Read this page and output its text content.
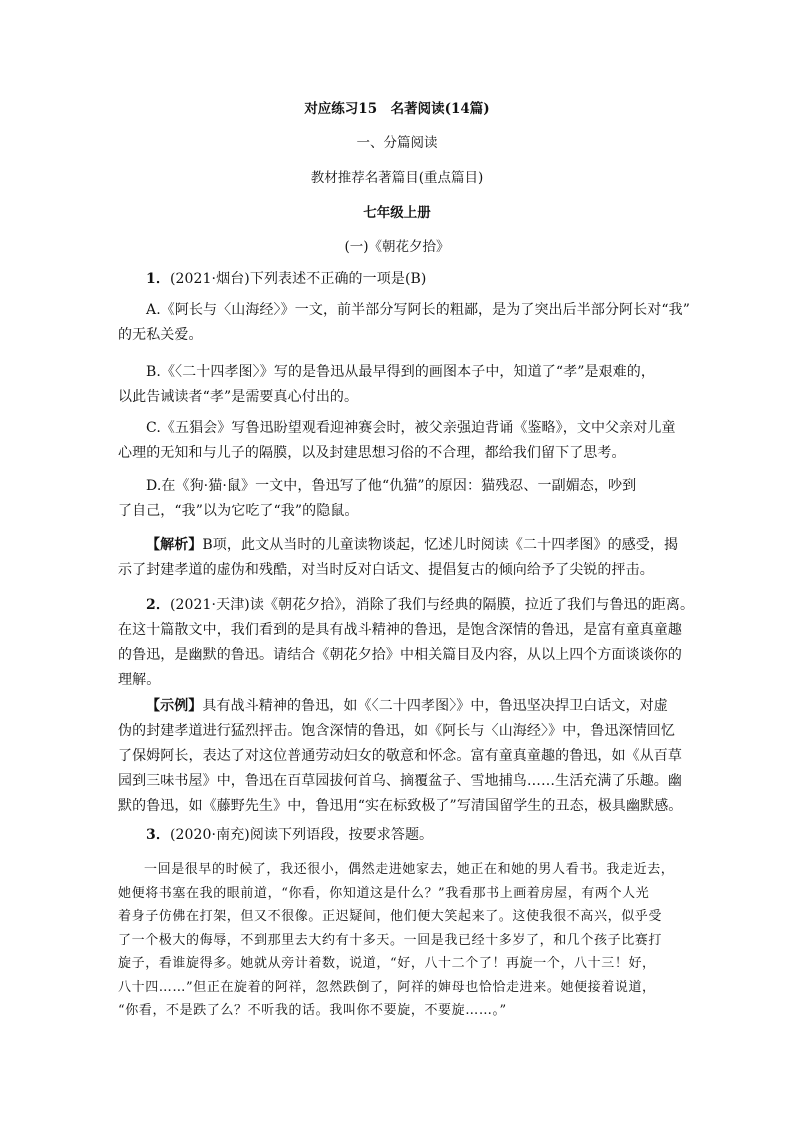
对应练习15　名著阅读(14篇)
一、分篇阅读
教材推荐名著篇目(重点篇目)
七年级上册
(一)《朝花夕拾》
1．(2021·烟台)下列表述不正确的一项是(B)
A.《阿长与〈山海经〉》一文，前半部分写阿长的粗鄙，是为了突出后半部分阿长对“我”
的无私关爱。
B.《〈二十四孝图〉》写的是鲁迅从最早得到的画图本子中，知道了“孝”是艰难的，
以此告诫读者“孝”是需要真心付出的。
C.《五猖会》写鲁迅盼望观看迎神赛会时，被父亲强迫背诵《鉴略》，文中父亲对儿童
心理的无知和与儿子的隔膜，以及封建思想习俗的不合理，都给我们留下了思考。
D.在《狗·猫·鼠》一文中，鲁迅写了他“仇猫”的原因：猫残忍、一副媚态，吵到
了自己，“我”以为它吃了“我”的隐鼠。
【解析】B项，此文从当时的儿童读物谈起，忆述儿时阅读《二十四孝图》的感受，揭
示了封建孝道的虚伪和残酷，对当时反对白话文、提倡复古的倾向给予了尖锐的抨击。
2．(2021·天津)读《朝花夕拾》，消除了我们与经典的隔膜，拉近了我们与鲁迅的距离。
在这十篇散文中，我们看到的是具有战斗精神的鲁迅，是饱含深情的鲁迅，是富有童真童趣
的鲁迅，是幽默的鲁迅。请结合《朝花夕拾》中相关篇目及内容，从以上四个方面谈谈你的
理解。
【示例】具有战斗精神的鲁迅，如《〈二十四孝图〉》中，鲁迅坚决捍卫白话文，对虚
伪的封建孝道进行猛烈抨击。饱含深情的鲁迅，如《阿长与〈山海经〉》中，鲁迅深情回忆
了保姆阿长，表达了对这位普通劳动妇女的敬意和怀念。富有童真童趣的鲁迅，如《从百草
园到三味书屋》中，鲁迅在百草园拔何首乌、摘覆盆子、雪地捕鸟……生活充满了乐趣。幽
默的鲁迅，如《藤野先生》中，鲁迅用“实在标致极了”写清国留学生的丑态，极具幽默感。
3．(2020·南充)阅读下列语段，按要求答题。
一回是很早的时候了，我还很小，偶然走进她家去，她正在和她的男人看书。我走近去，
她便将书塞在我的眼前道，“你看，你知道这是什么？”我看那书上画着房屋，有两个人光
着身子仿佛在打架，但又不很像。正迟疑间，他们便大笑起来了。这使我很不高兴，似乎受
了一个极大的侮辱，不到那里去大约有十多天。一回是我已经十多岁了，和几个孩子比赛打
旋子，看谁旋得多。她就从旁计着数，说道，“好，八十二个了！再旋一个，八十三！好，
八十四……”但正在旋着的阿祥，忽然跌倒了，阿祥的婶母也恰恰走进来。她便接着说道，
“你看，不是跌了么？不听我的话。我叫你不要旋，不要旋……。”
